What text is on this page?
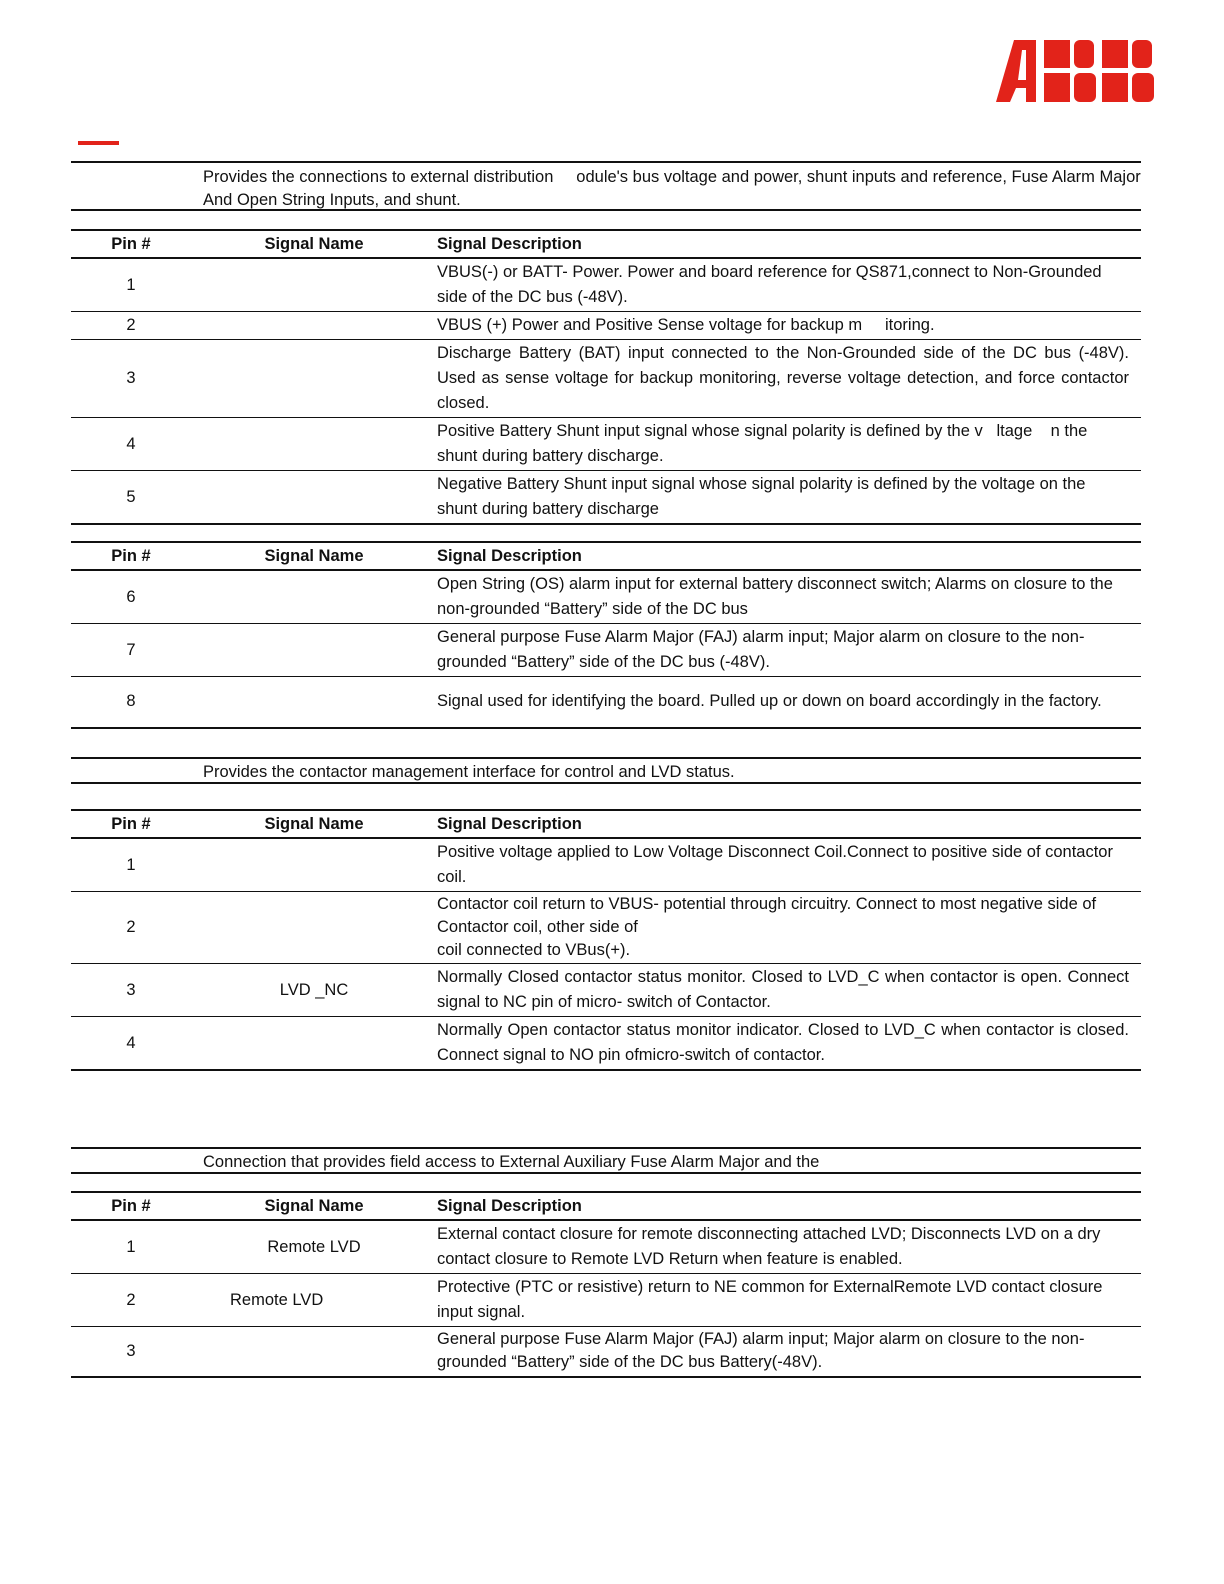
Provides the connections to external distribution     odule's bus voltage and power, shunt inputs and reference, Fuse Alarm Major And Open String Inputs, and shunt.

Pin #	Signal Name	Signal Description
1		VBUS(-) or BATT- Power. Power and board reference for QS871,connect to Non-Grounded side of the DC bus (-48V).
2		VBUS (+) Power and Positive Sense voltage for backup m     itoring.
3		Discharge Battery (BAT) input connected to the Non-Grounded side of the DC bus (-48V). Used as sense voltage for backup monitoring, reverse voltage detection, and force contactor closed.
4		Positive Battery Shunt input signal whose signal polarity is defined by the v   ltage    n the shunt during battery discharge.
5		Negative Battery Shunt input signal whose signal polarity is defined by the voltage on the shunt during battery discharge
Pin #	Signal Name	Signal Description
6		Open String (OS) alarm input for external battery disconnect switch; Alarms on closure to the non-grounded “Battery” side of the DC bus
7		General purpose Fuse Alarm Major (FAJ) alarm input; Major alarm on closure to the non-grounded “Battery” side of the DC bus (-48V).
8		Signal used for identifying the board. Pulled up or down on board accordingly in the factory.

Provides the contactor management interface for control and LVD status.

Pin #	Signal Name	Signal Description
1		Positive voltage applied to Low Voltage Disconnect Coil.Connect to positive side of contactor coil.
2		Contactor coil return to VBUS- potential through circuitry. Connect to most negative side of Contactor coil, other side of
coil connected to VBus(+).

3	LVD _NC	Normally Closed contactor status monitor. Closed to LVD_C when contactor is open. Connect signal to NC pin of micro- switch of Contactor.
4		Normally Open contactor status monitor indicator. Closed to LVD_C when contactor is closed. Connect signal to NO pin ofmicro-switch of contactor.

Connection that provides field access to External Auxiliary Fuse Alarm Major and the

Pin #	Signal Name	Signal Description
1	Remote LVD	External contact closure for remote disconnecting attached LVD; Disconnects LVD on a dry contact closure to Remote LVD Return when feature is enabled.
2	Remote LVD	Protective (PTC or resistive) return to NE common for ExternalRemote LVD contact closure input signal.
3		General purpose Fuse Alarm Major (FAJ) alarm input; Major alarm on closure to the non-grounded “Battery” side of the DC bus Battery(-48V).
